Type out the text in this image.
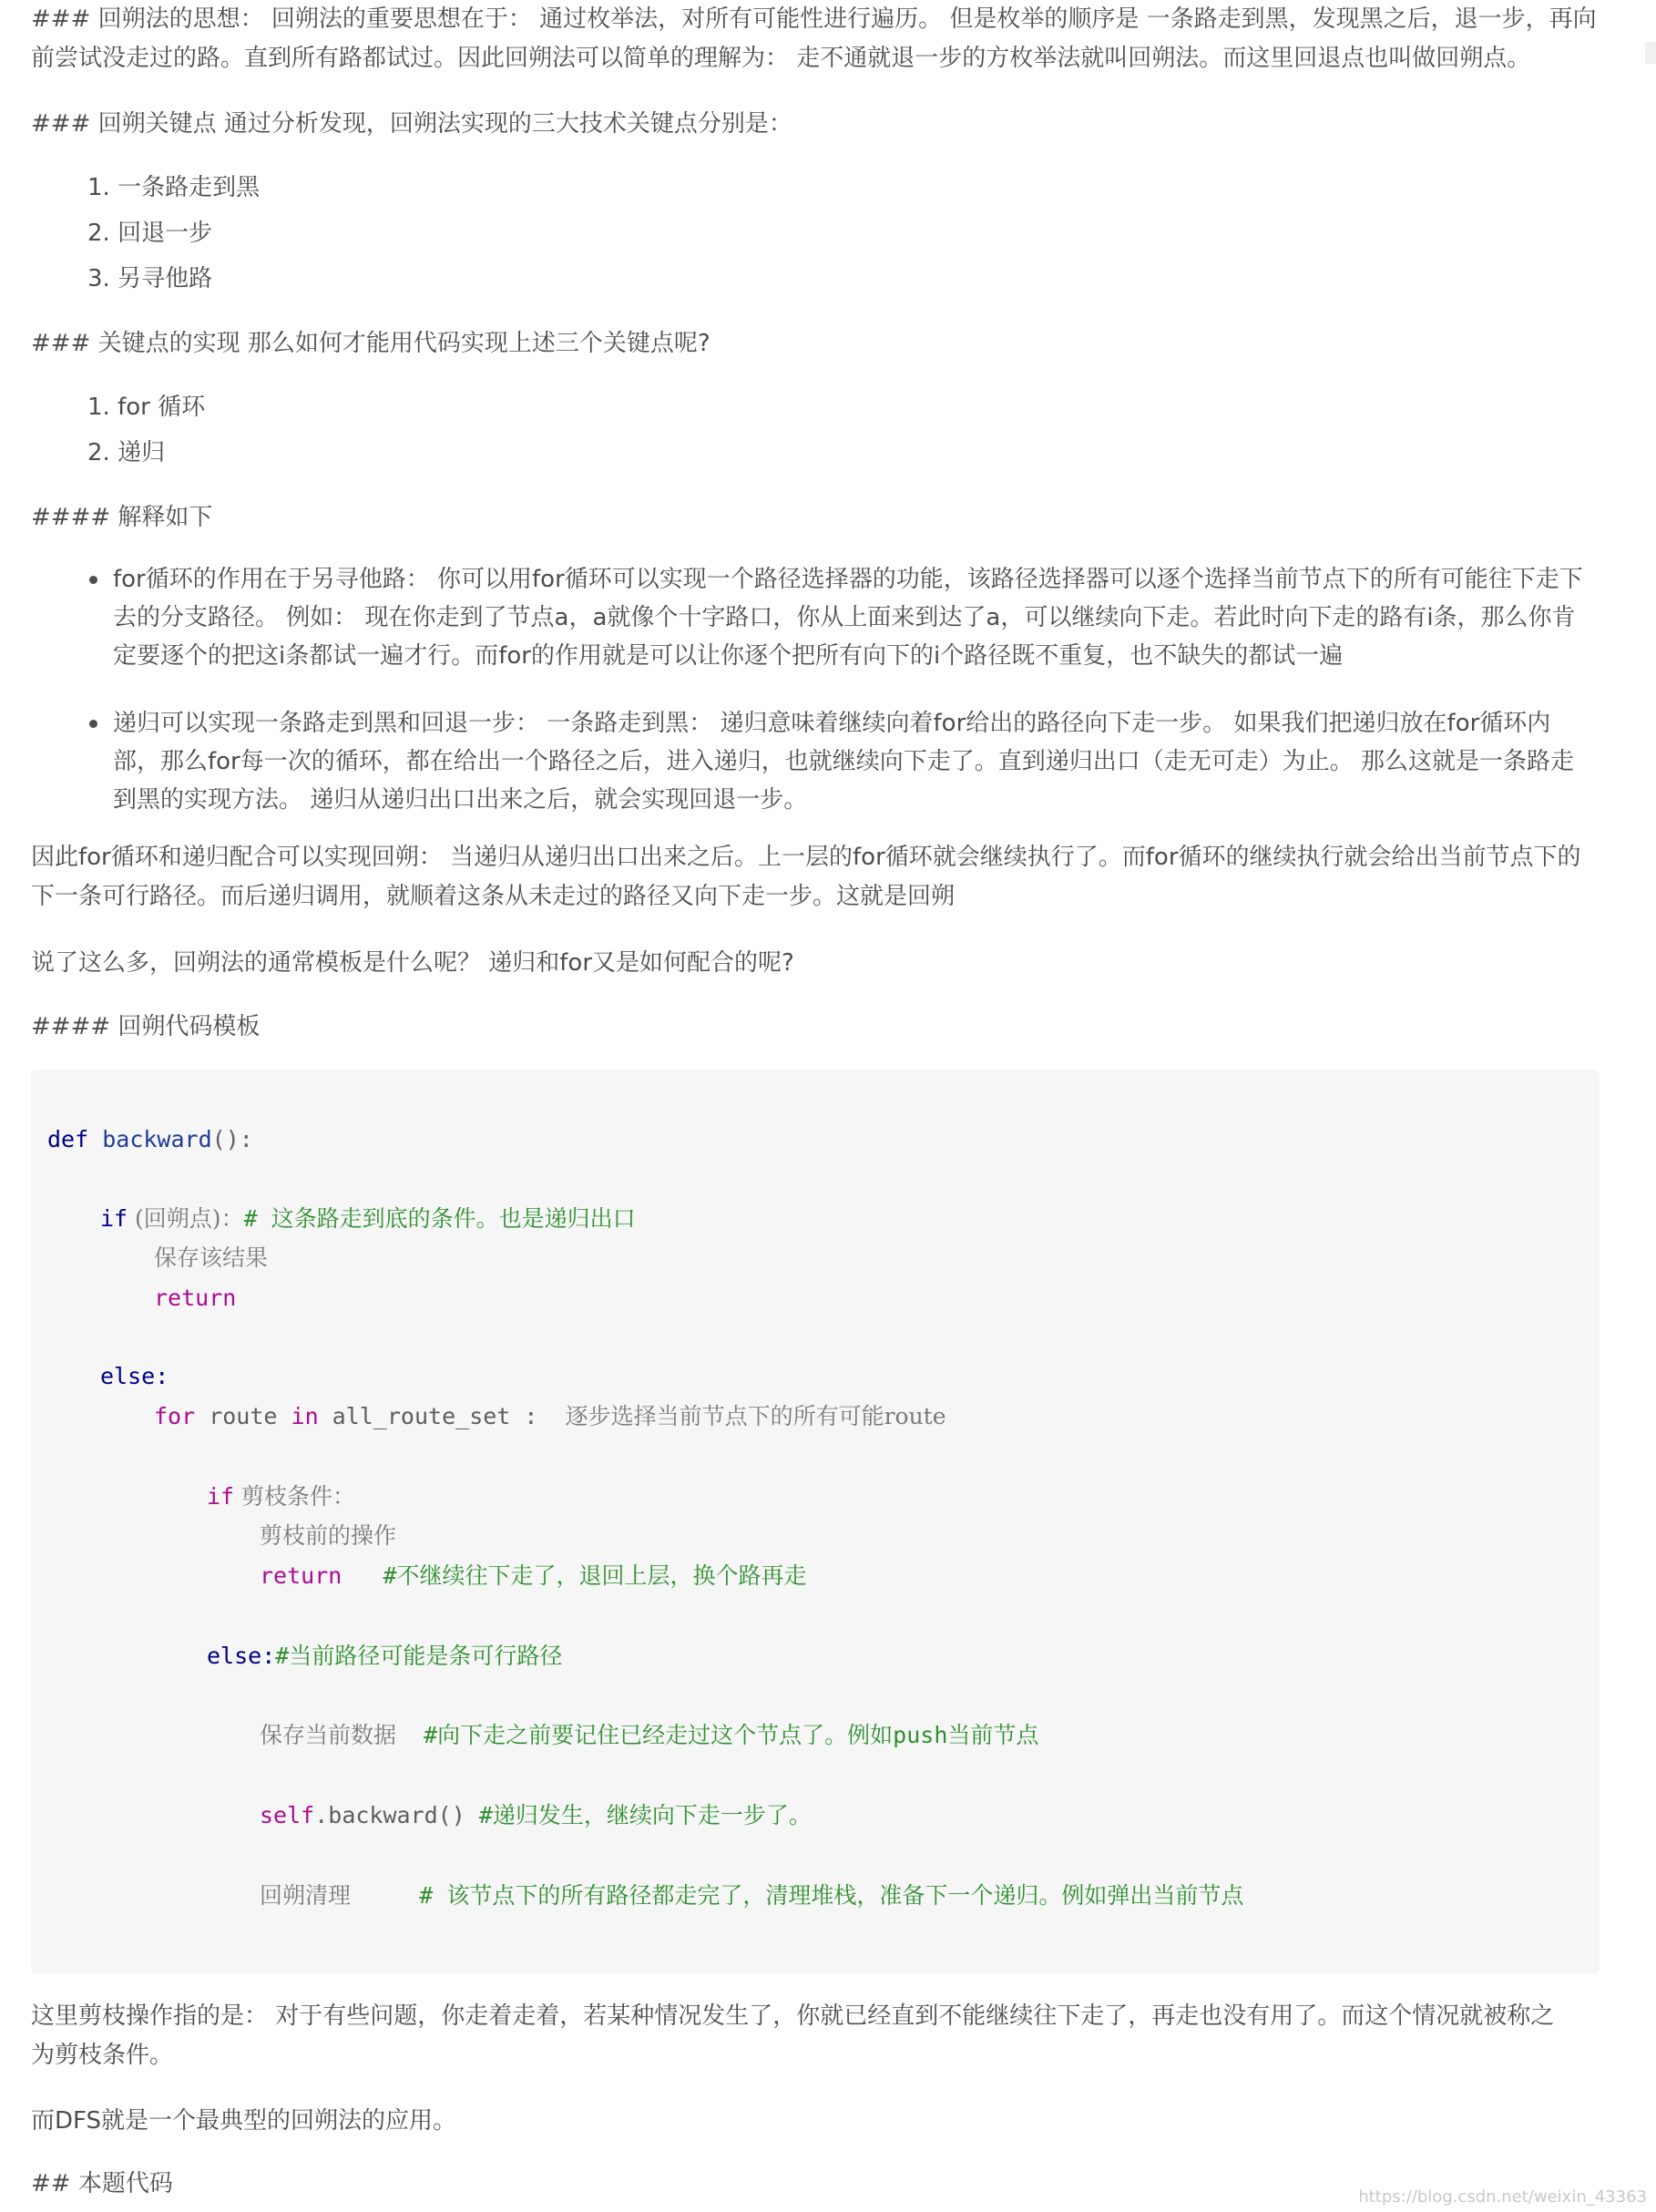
### 回朔法的思想： 回朔法的重要思想在于： 通过枚举法，对所有可能性进行遍历。 但是枚举的顺序是 一条路走到黑，发现黑之后，退一步，再向
前尝试没走过的路。直到所有路都试过。因此回朔法可以简单的理解为： 走不通就退一步的方枚举法就叫回朔法。而这里回退点也叫做回朔点。

### 回朔关键点 通过分析发现，回朔法实现的三大技术关键点分别是：

1. 一条路走到黑
2. 回退一步
3. 另寻他路

### 关键点的实现 那么如何才能用代码实现上述三个关键点呢?

1. for 循环
2. 递归

#### 解释如下

for循环的作用在于另寻他路： 你可以用for循环可以实现一个路径选择器的功能，该路径选择器可以逐个选择当前节点下的所有可能往下走下
去的分支路径。 例如： 现在你走到了节点a，a就像个十字路口，你从上面来到达了a，可以继续向下走。若此时向下走的路有i条，那么你肯
定要逐个的把这i条都试一遍才行。而for的作用就是可以让你逐个把所有向下的i个路径既不重复，也不缺失的都试一遍
递归可以实现一条路走到黑和回退一步： 一条路走到黑： 递归意味着继续向着for给出的路径向下走一步。 如果我们把递归放在for循环内
部，那么for每一次的循环，都在给出一个路径之后，进入递归，也就继续向下走了。直到递归出口（走无可走）为止。 那么这就是一条路走
到黑的实现方法。 递归从递归出口出来之后，就会实现回退一步。

因此for循环和递归配合可以实现回朔： 当递归从递归出口出来之后。上一层的for循环就会继续执行了。而for循环的继续执行就会给出当前节点下的
下一条可行路径。而后递归调用，就顺着这条从未走过的路径又向下走一步。这就是回朔

说了这么多，回朔法的通常模板是什么呢？ 递归和for又是如何配合的呢?

#### 回朔代码模板

def backward():
if (回朔点)：# 这条路走到底的条件。也是递归出口
保存该结果
return
else:
for route in all_route_set :  逐步选择当前节点下的所有可能route
if 剪枝条件：
剪枝前的操作
return   #不继续往下走了，退回上层，换个路再走
else:#当前路径可能是条可行路径
保存当前数据  #向下走之前要记住已经走过这个节点了。例如push当前节点
self.backward() #递归发生，继续向下走一步了。
回朔清理     # 该节点下的所有路径都走完了，清理堆栈，准备下一个递归。例如弹出当前节点

这里剪枝操作指的是： 对于有些问题，你走着走着，若某种情况发生了，你就已经直到不能继续往下走了，再走也没有用了。而这个情况就被称之
为剪枝条件。

而DFS就是一个最典型的回朔法的应用。

## 本题代码	https://blog.csdn.net/weixin_43363
